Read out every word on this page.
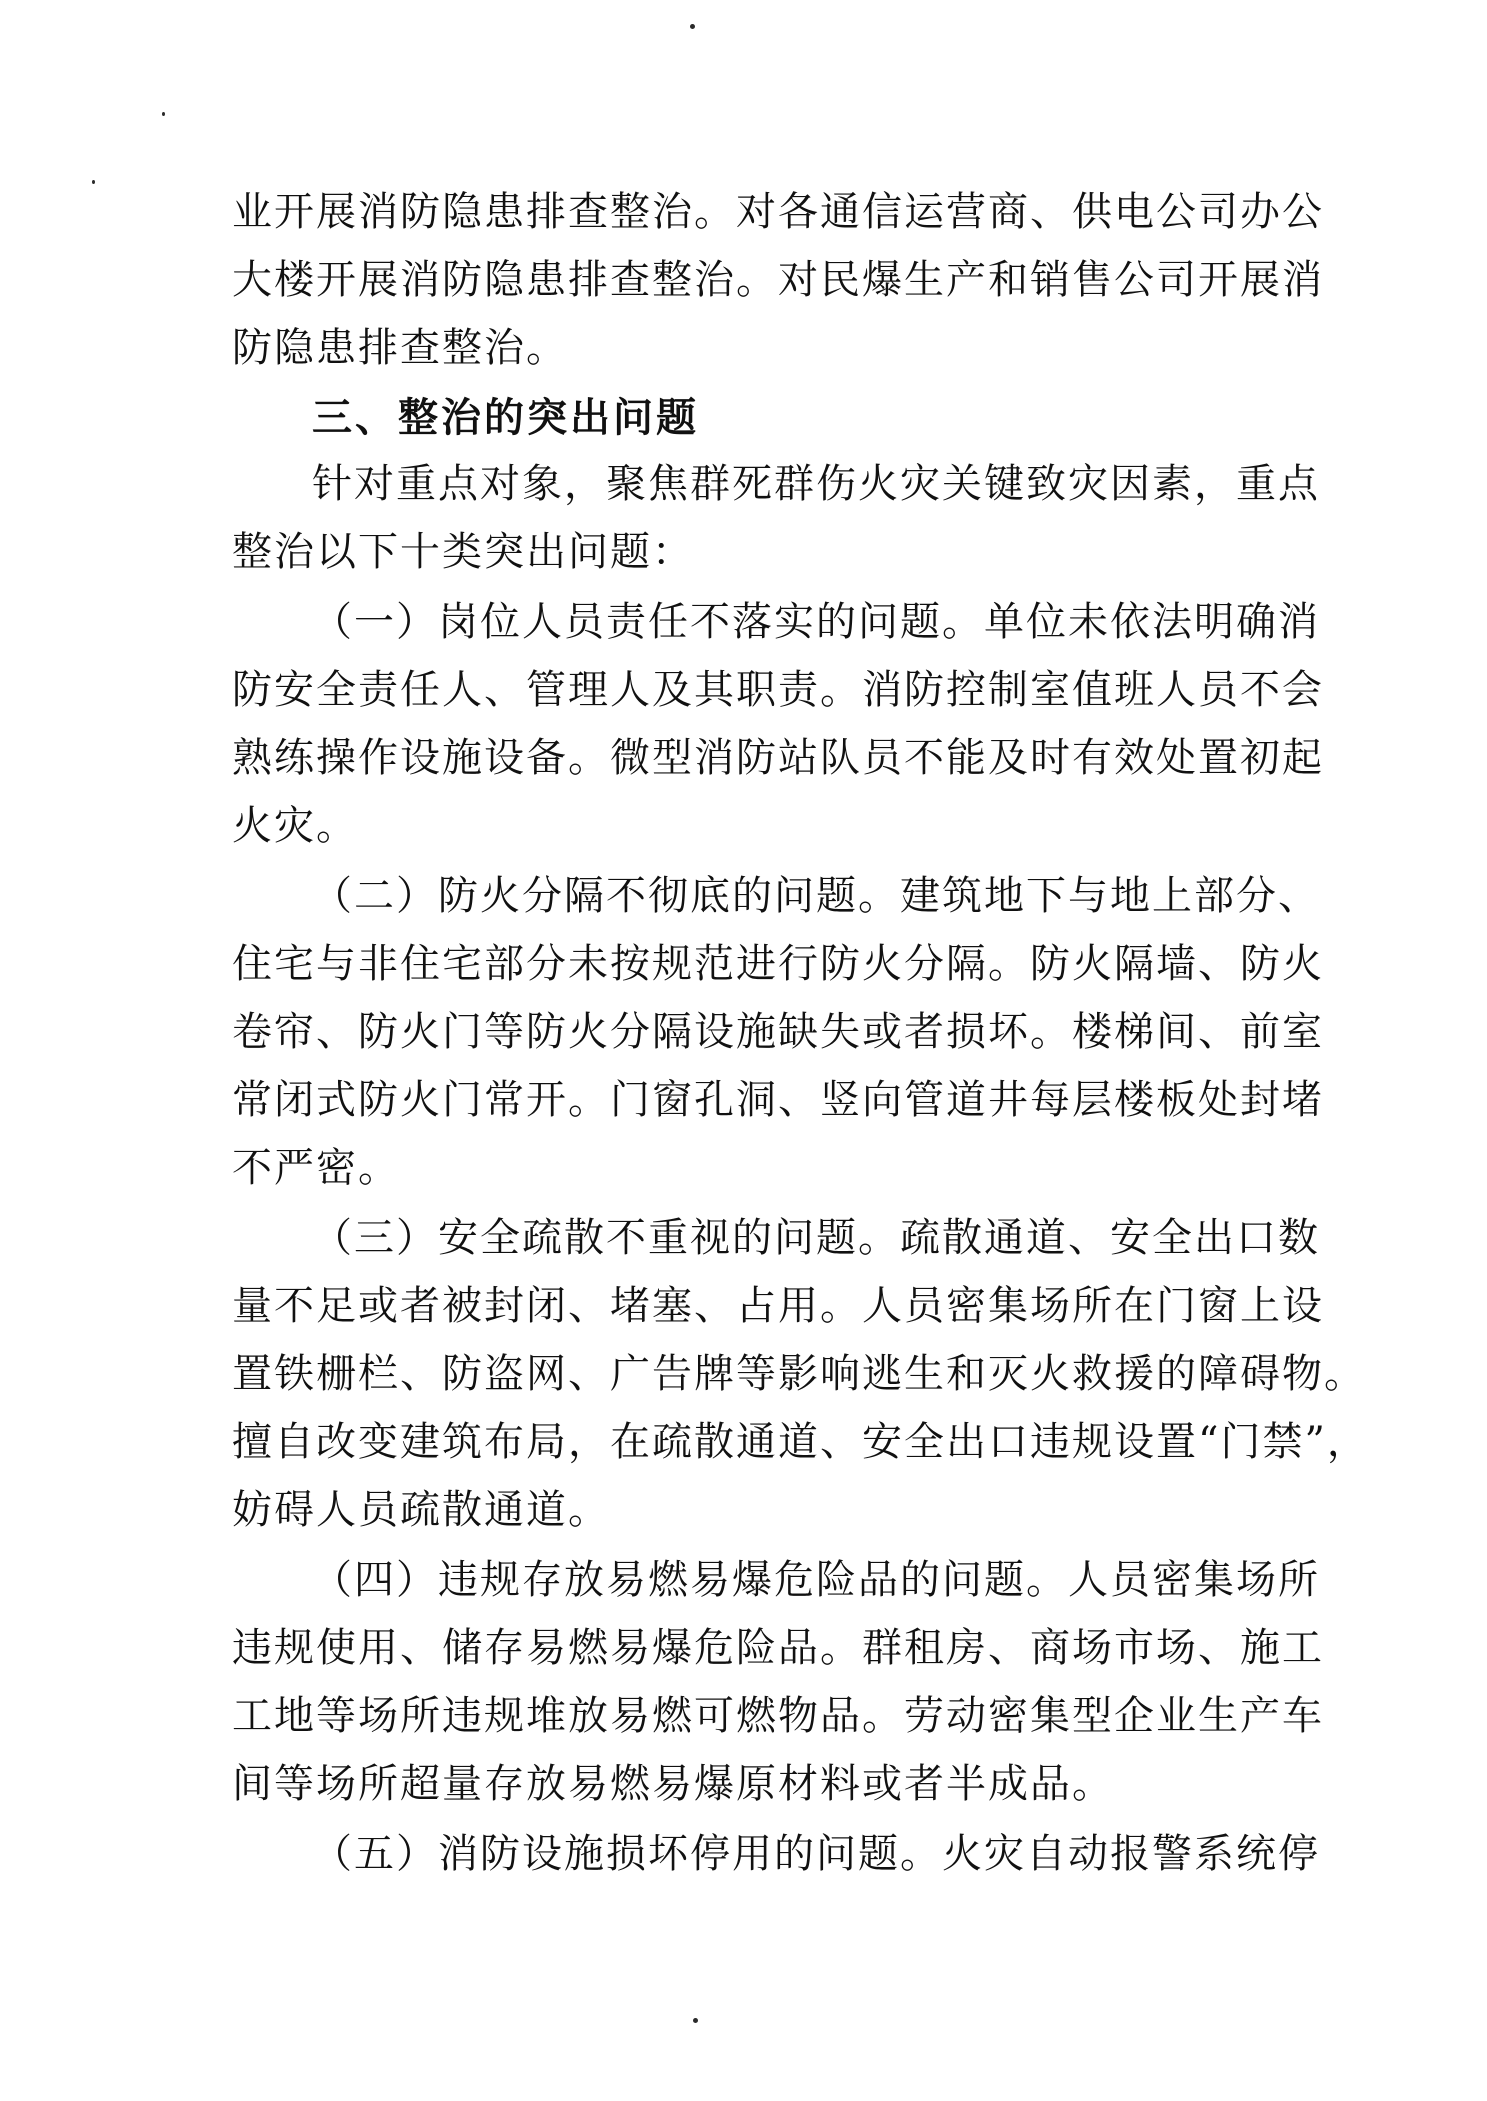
业开展消防隐患排查整治。对各通信运营商、供电公司办公
大楼开展消防隐患排查整治。对民爆生产和销售公司开展消
防隐患排查整治。
三、整治的突出问题
针对重点对象，聚焦群死群伤火灾关键致灾因素，重点
整治以下十类突出问题：
（一）岗位人员责任不落实的问题。单位未依法明确消
防安全责任人、管理人及其职责。消防控制室值班人员不会
熟练操作设施设备。微型消防站队员不能及时有效处置初起
火灾。
（二）防火分隔不彻底的问题。建筑地下与地上部分、
住宅与非住宅部分未按规范进行防火分隔。防火隔墙、防火
卷帘、防火门等防火分隔设施缺失或者损坏。楼梯间、前室
常闭式防火门常开。门窗孔洞、竖向管道井每层楼板处封堵
不严密。
（三）安全疏散不重视的问题。疏散通道、安全出口数
量不足或者被封闭、堵塞、占用。人员密集场所在门窗上设
置铁栅栏、防盗网、广告牌等影响逃生和灭火救援的障碍物。
擅自改变建筑布局，在疏散通道、安全出口违规设置“门禁”，
妨碍人员疏散通道。
（四）违规存放易燃易爆危险品的问题。人员密集场所
违规使用、储存易燃易爆危险品。群租房、商场市场、施工
工地等场所违规堆放易燃可燃物品。劳动密集型企业生产车
间等场所超量存放易燃易爆原材料或者半成品。
（五）消防设施损坏停用的问题。火灾自动报警系统停
